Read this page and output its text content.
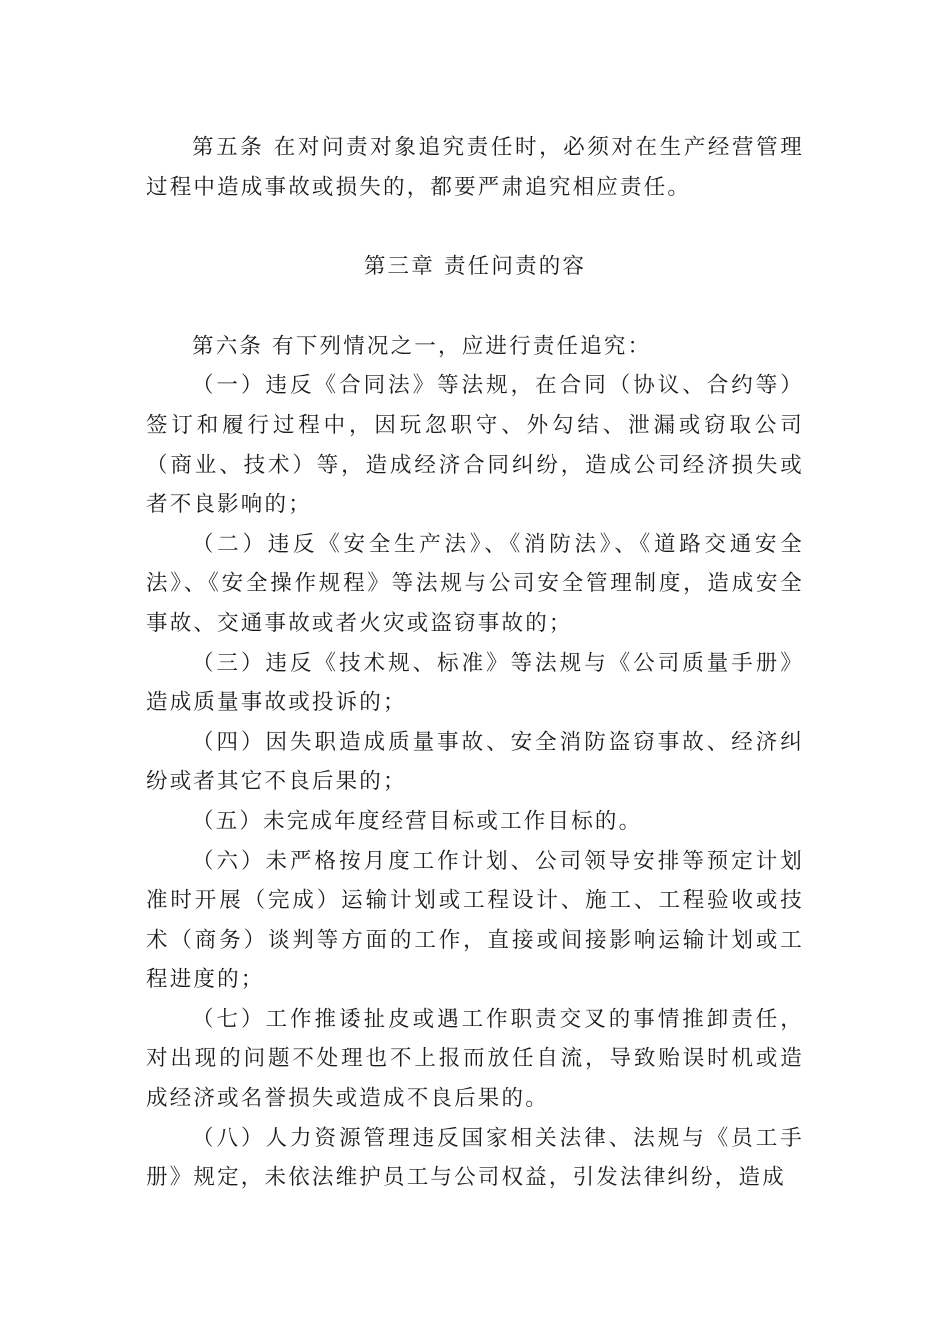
第五条 在对问责对象追究责任时，必须对在生产经营管理过程中造成事故或损失的，都要严肃追究相应责任。

第三章 责任问责的容

第六条 有下列情况之一，应进行责任追究：

（一）违反《合同法》等法规，在合同（协议、合约等）签订和履行过程中，因玩忽职守、外勾结、泄漏或窃取公司（商业、技术）等，造成经济合同纠纷，造成公司经济损失或者不良影响的；

（二）违反《安全生产法》、《消防法》、《道路交通安全法》、《安全操作规程》等法规与公司安全管理制度，造成安全事故、交通事故或者火灾或盗窃事故的；

（三）违反《技术规、标准》等法规与《公司质量手册》造成质量事故或投诉的；

（四）因失职造成质量事故、安全消防盗窃事故、经济纠纷或者其它不良后果的；

（五）未完成年度经营目标或工作目标的。

（六）未严格按月度工作计划、公司领导安排等预定计划准时开展（完成）运输计划或工程设计、施工、工程验收或技术（商务）谈判等方面的工作，直接或间接影响运输计划或工程进度的；

（七）工作推诿扯皮或遇工作职责交叉的事情推卸责任，对出现的问题不处理也不上报而放任自流，导致贻误时机或造成经济或名誉损失或造成不良后果的。

（八）人力资源管理违反国家相关法律、法规与《员工手册》规定，未依法维护员工与公司权益，引发法律纠纷，造成
